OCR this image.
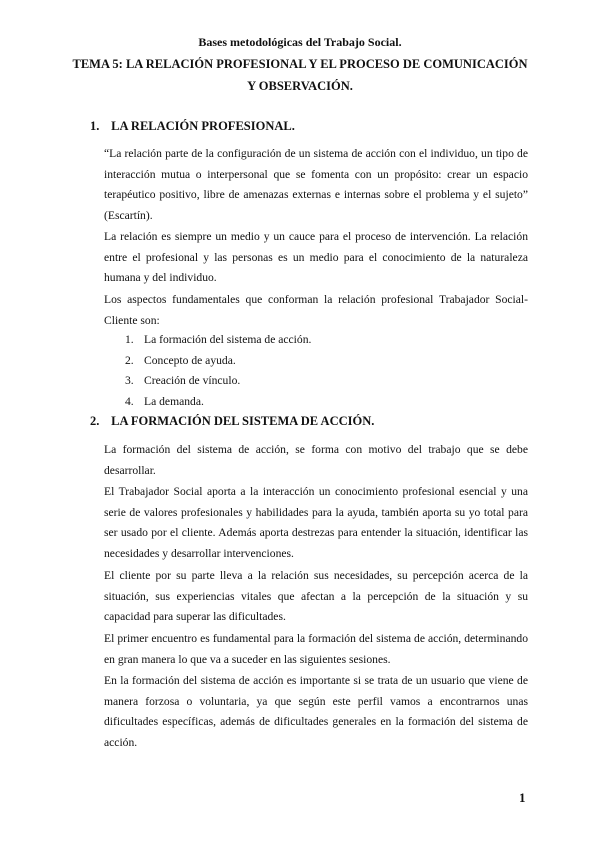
Bases metodológicas del Trabajo Social.
TEMA 5: LA RELACIÓN PROFESIONAL Y EL PROCESO DE COMUNICACIÓN Y OBSERVACIÓN.
1. LA RELACIÓN PROFESIONAL.
“La relación parte de la configuración de un sistema de acción con el individuo, un tipo de interacción mutua o interpersonal que se fomenta con un propósito: crear un espacio terapéutico positivo, libre de amenazas externas e internas sobre el problema y el sujeto” (Escartín).
La relación es siempre un medio y un cauce para el proceso de intervención. La relación entre el profesional y las personas es un medio para el conocimiento de la naturaleza humana y del individuo.
Los aspectos fundamentales que conforman la relación profesional Trabajador Social-Cliente son:
1. La formación del sistema de acción.
2. Concepto de ayuda.
3. Creación de vínculo.
4. La demanda.
2. LA FORMACIÓN DEL SISTEMA DE ACCIÓN.
La formación del sistema de acción, se forma con motivo del trabajo que se debe desarrollar.
El Trabajador Social aporta a la interacción un conocimiento profesional esencial y una serie de valores profesionales y habilidades para la ayuda, también aporta su yo total para ser usado por el cliente. Además aporta destrezas para entender la situación, identificar las necesidades y desarrollar intervenciones.
El cliente por su parte lleva a la relación sus necesidades, su percepción acerca de la situación, sus experiencias vitales que afectan a la percepción de la situación y su capacidad para superar las dificultades.
El primer encuentro es fundamental para la formación del sistema de acción, determinando en gran manera lo que va a suceder en las siguientes sesiones.
En la formación del sistema de acción es importante si se trata de un usuario que viene de manera forzosa o voluntaria, ya que según este perfil vamos a encontrarnos unas dificultades específicas, además de dificultades generales en la formación del sistema de acción.
1
